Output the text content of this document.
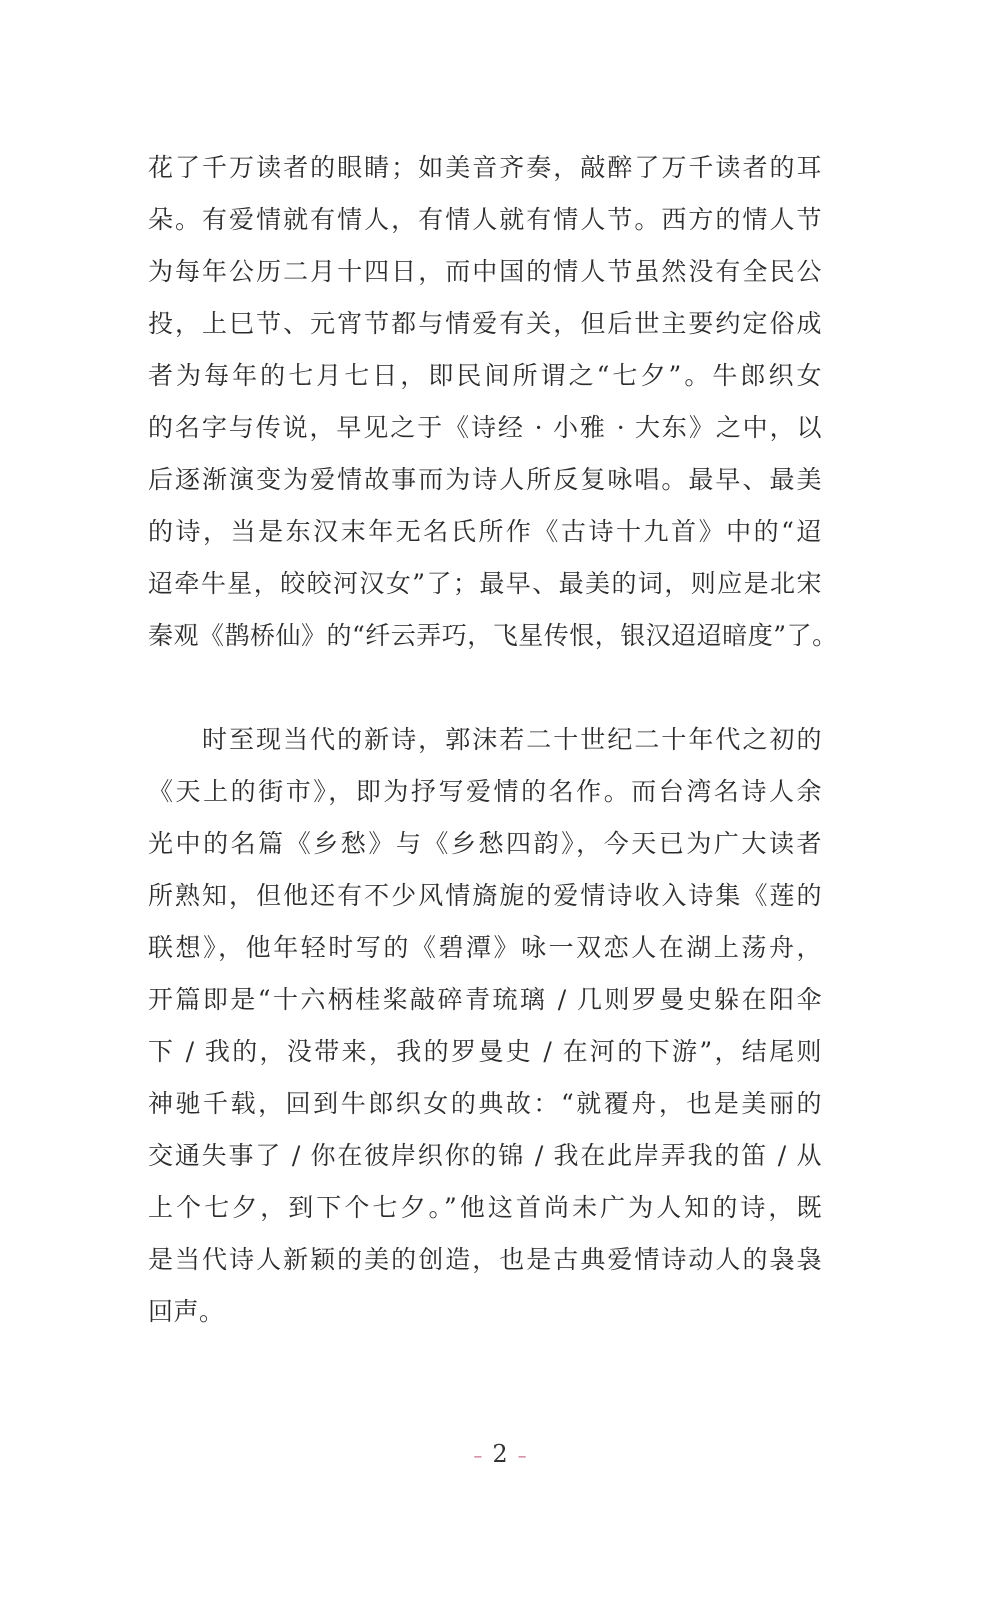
花了千万读者的眼睛；如美音齐奏，敲醉了万千读者的耳
朵。有爱情就有情人，有情人就有情人节。西方的情人节
为每年公历二月十四日，而中国的情人节虽然没有全民公
投，上巳节、元宵节都与情爱有关，但后世主要约定俗成
者为每年的七月七日，即民间所谓之“七夕”。牛郎织女
的名字与传说，早见之于《诗经 · 小雅 · 大东》之中，以
后逐渐演变为爱情故事而为诗人所反复咏唱。最早、最美
的诗，当是东汉末年无名氏所作《古诗十九首》中的“迢
迢牵牛星，皎皎河汉女”了；最早、最美的词，则应是北宋
秦观《鹊桥仙》的“纤云弄巧，飞星传恨，银汉迢迢暗度”了。
时至现当代的新诗，郭沫若二十世纪二十年代之初的
《天上的街市》，即为抒写爱情的名作。而台湾名诗人余
光中的名篇《乡愁》与《乡愁四韵》，今天已为广大读者
所熟知，但他还有不少风情旖旎的爱情诗收入诗集《莲的
联想》，他年轻时写的《碧潭》咏一双恋人在湖上荡舟，
开篇即是“十六柄桂桨敲碎青琉璃 / 几则罗曼史躲在阳伞
下 / 我的，没带来，我的罗曼史 / 在河的下游”，结尾则
神驰千载，回到牛郎织女的典故：“就覆舟，也是美丽的
交通失事了 / 你在彼岸织你的锦 / 我在此岸弄我的笛 / 从
上个七夕，到下个七夕。”他这首尚未广为人知的诗，既
是当代诗人新颖的美的创造，也是古典爱情诗动人的袅袅
回声。
– 2 –
